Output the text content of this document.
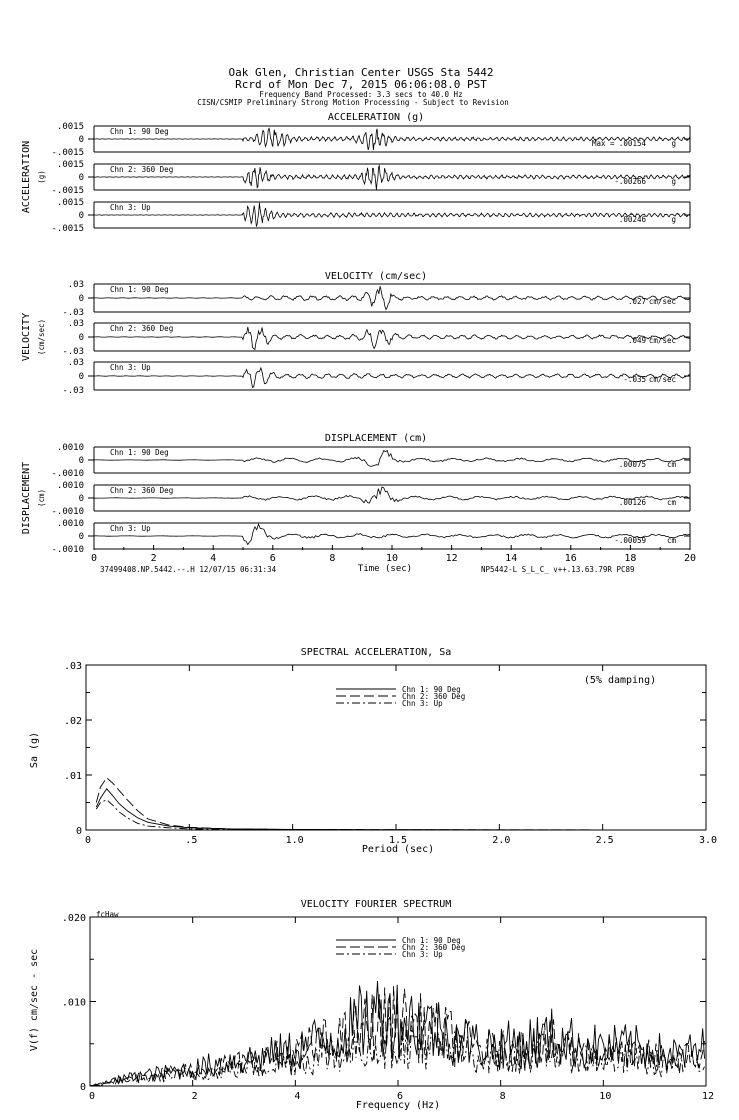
Oak Glen, Christian Center USGS Sta 5442
Rcrd of Mon Dec 7, 2015 06:06:08.0 PST
Frequency Band Processed: 3.3 secs to 40.0 Hz
CISN/CSMIP Preliminary Strong Motion Processing - Subject to Revision
ACCELERATION (g)
ACCELERATION (g)
.0015
0
-.0015
Chn 1: 90 Deg
Max = .00154	g
.0015
0
-.0015
Chn 2: 360 Deg
-.00266	g
.0015
0
-.0015
Chn 3: Up
.00246	g
VELOCITY (cm/sec)
VELOCITY (cm/sec)
.03
0
-.03
Chn 1: 90 Deg
.027 cm/sec
.03
0
-.03
Chn 2: 360 Deg
.049 cm/sec
.03
0
-.03
Chn 3: Up
-.035 cm/sec
DISPLACEMENT (cm)
DISPLACEMENT (cm)
.0010
0
-.0010
Chn 1: 90 Deg
.00075	cm
.0010
0
-.0010
Chn 2: 360 Deg
.00126	cm
.0010
0
-.0010
Chn 3: Up
-.00059	cm
Time (sec)
37499408.NP.5442.--.H 12/07/15 06:31:34	NP5442-L S_L_C_ v++.13.63.79R PC89
0	2	4	6	8	10	12	14	16	18	20
SPECTRAL ACCELERATION, Sa
(5% damping)
Period (sec)
Sa (g)
.03
.02
.01
0
0	.5	1.0	1.5	2.0	2.5	3.0
Chn 1: 90 Deg
Chn 2: 360 Deg
Chn 3: Up
VELOCITY FOURIER SPECTRUM
fcHaw
Frequency (Hz)
V(f) cm/sec - sec
.020
.010
0
0	2	4	6	8	10	12
Chn 1: 90 Deg
Chn 2: 360 Deg
Chn 3: Up
